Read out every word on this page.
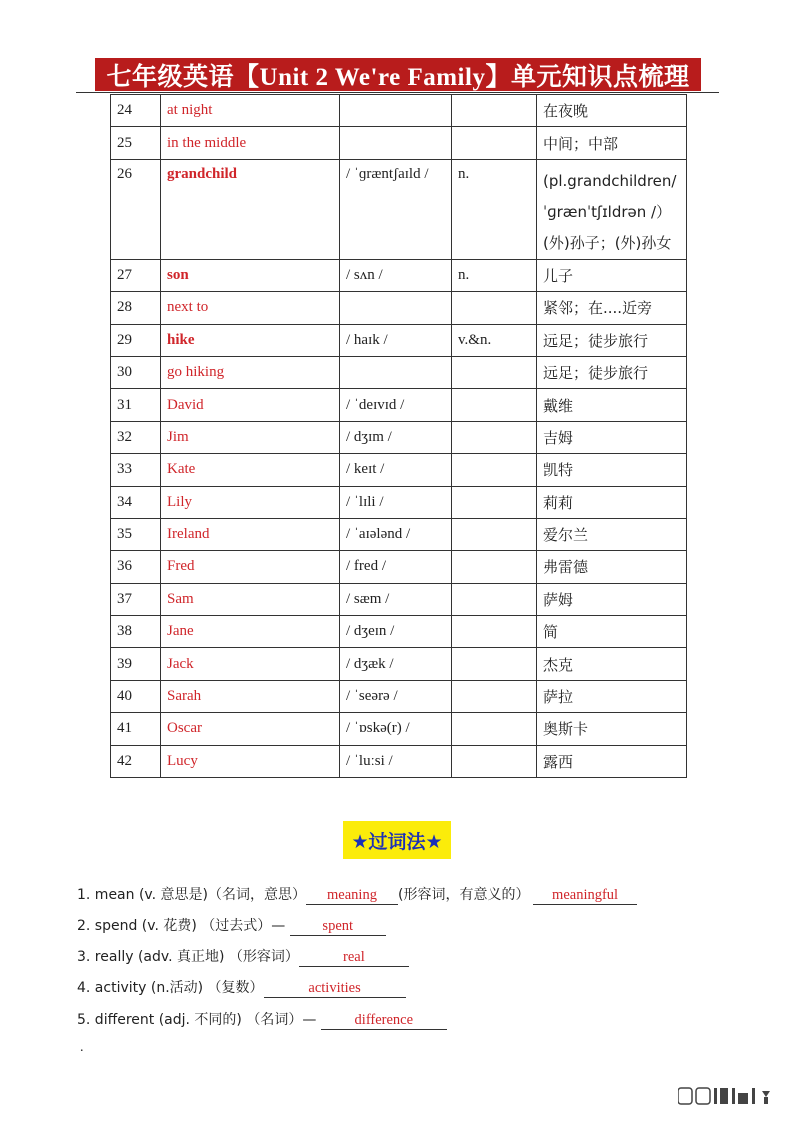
七年级英语【Unit 2 We're Family】单元知识点梳理
24	at night			在夜晚

25	in the middle			中间；中部

26	grandchild	/ ˈɡræntʃaɪld /	n.	(pl.grandchildren/
ˈɡrænˈtʃɪldrən /）
(外)孙子；(外)孙女

27	son	/ sʌn /	n.	儿子

28	next to			紧邻；在....近旁

29	hike	/ haɪk /	v.&n.	远足；徒步旅行

30	go hiking			远足；徒步旅行

31	David	/ ˈdeɪvɪd /		戴维

32	Jim	/ dʒɪm /		吉姆

33	Kate	/ keɪt /		凯特

34	Lily	/ ˈlɪli /		莉莉

35	Ireland	/ ˈaɪələnd /		爱尔兰

36	Fred	/ fred /		弗雷德

37	Sam	/ sæm /		萨姆

38	Jane	/ dʒeɪn /		简

39	Jack	/ dʒæk /		杰克

40	Sarah	/ ˈseərə /		萨拉

41	Oscar	/ ˈɒskə(r) /		奥斯卡

42	Lucy	/ ˈluːsi /		露西
★过词法★
1. mean (v. 意思是)（名词，意思） meaning (形容词，有意义的） meaningful
2. spend (v. 花费) （过去式）— spent
3. really (adv. 真正地) （形容词）	real
4. activity (n.活动) （复数）	activities
5. different (adj. 不同的) （名词）— difference
.
